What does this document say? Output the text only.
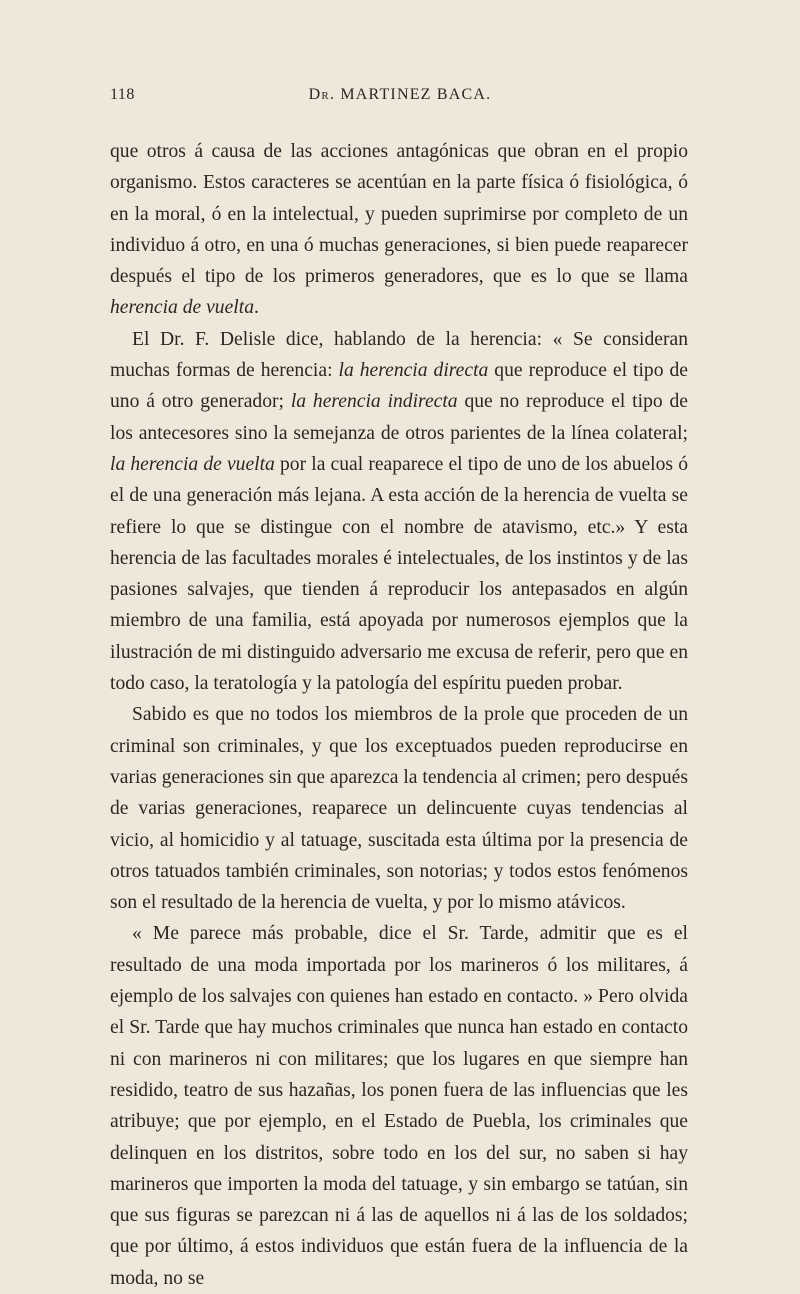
118	Dr. MARTINEZ BACA.

que otros á causa de las acciones antagónicas que obran en el propio organismo. Estos caracteres se acentúan en la parte física ó fisiológica, ó en la moral, ó en la intelectual, y pueden suprimirse por completo de un individuo á otro, en una ó muchas generaciones, si bien puede reaparecer después el tipo de los primeros generadores, que es lo que se llama herencia de vuelta.

El Dr. F. Delisle dice, hablando de la herencia: « Se consideran muchas formas de herencia: la herencia directa que reproduce el tipo de uno á otro generador; la herencia indirecta que no reproduce el tipo de los antecesores sino la semejanza de otros parientes de la línea colateral; la herencia de vuelta por la cual reaparece el tipo de uno de los abuelos ó el de una generación más lejana. A esta acción de la herencia de vuelta se refiere lo que se distingue con el nombre de atavismo, etc.» Y esta herencia de las facultades morales é intelectuales, de los instintos y de las pasiones salvajes, que tienden á reproducir los antepasados en algún miembro de una familia, está apoyada por numerosos ejemplos que la ilustración de mi distinguido adversario me excusa de referir, pero que en todo caso, la teratología y la patología del espíritu pueden probar.

Sabido es que no todos los miembros de la prole que proceden de un criminal son criminales, y que los exceptuados pueden reproducirse en varias generaciones sin que aparezca la tendencia al crimen; pero después de varias generaciones, reaparece un delincuente cuyas tendencias al vicio, al homicidio y al tatuage, suscitada esta última por la presencia de otros tatuados también criminales, son notorias; y todos estos fenómenos son el resultado de la herencia de vuelta, y por lo mismo atávicos.

« Me parece más probable, dice el Sr. Tarde, admitir que es el resultado de una moda importada por los marineros ó los militares, á ejemplo de los salvajes con quienes han estado en contacto. » Pero olvida el Sr. Tarde que hay muchos criminales que nunca han estado en contacto ni con marineros ni con militares; que los lugares en que siempre han residido, teatro de sus hazañas, los ponen fuera de las influencias que les atribuye; que por ejemplo, en el Estado de Puebla, los criminales que delinquen en los distritos, sobre todo en los del sur, no saben si hay marineros que importen la moda del tatuage, y sin embargo se tatúan, sin que sus figuras se parezcan ni á las de aquellos ni á las de los soldados; que por último, á estos individuos que están fuera de la influencia de la moda, no se
